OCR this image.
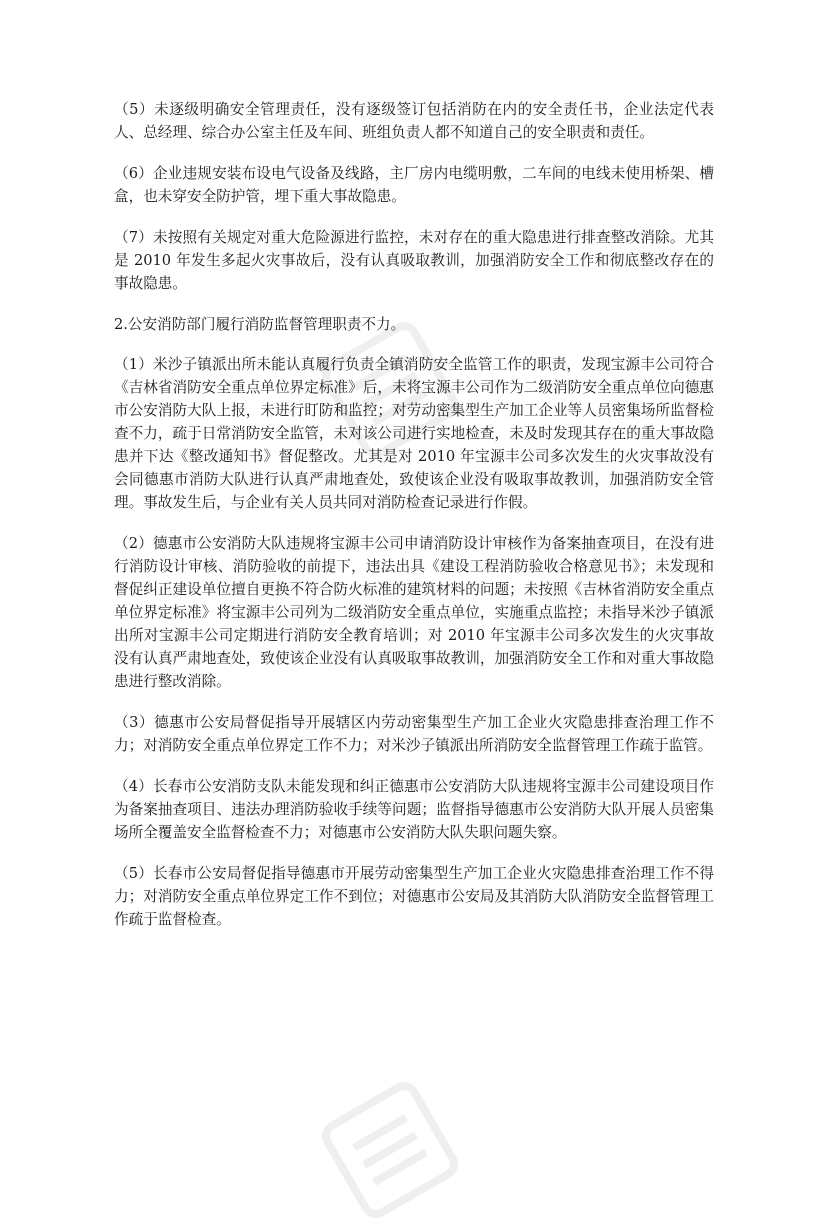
（5）未逐级明确安全管理责任，没有逐级签订包括消防在内的安全责任书，企业法定代表人、总经理、综合办公室主任及车间、班组负责人都不知道自己的安全职责和责任。

（6）企业违规安装布设电气设备及线路，主厂房内电缆明敷，二车间的电线未使用桥架、槽盒，也未穿安全防护管，埋下重大事故隐患。

（7）未按照有关规定对重大危险源进行监控，未对存在的重大隐患进行排查整改消除。尤其是 2010 年发生多起火灾事故后，没有认真吸取教训，加强消防安全工作和彻底整改存在的事故隐患。

2.公安消防部门履行消防监督管理职责不力。

（1）米沙子镇派出所未能认真履行负责全镇消防安全监管工作的职责，发现宝源丰公司符合《吉林省消防安全重点单位界定标准》后，未将宝源丰公司作为二级消防安全重点单位向德惠市公安消防大队上报，未进行盯防和监控；对劳动密集型生产加工企业等人员密集场所监督检查不力，疏于日常消防安全监管，未对该公司进行实地检查，未及时发现其存在的重大事故隐患并下达《整改通知书》督促整改。尤其是对 2010 年宝源丰公司多次发生的火灾事故没有会同德惠市消防大队进行认真严肃地查处，致使该企业没有吸取事故教训，加强消防安全管理。事故发生后，与企业有关人员共同对消防检查记录进行作假。

（2）德惠市公安消防大队违规将宝源丰公司申请消防设计审核作为备案抽查项目，在没有进行消防设计审核、消防验收的前提下，违法出具《建设工程消防验收合格意见书》；未发现和督促纠正建设单位擅自更换不符合防火标准的建筑材料的问题；未按照《吉林省消防安全重点单位界定标准》将宝源丰公司列为二级消防安全重点单位，实施重点监控；未指导米沙子镇派出所对宝源丰公司定期进行消防安全教育培训；对 2010 年宝源丰公司多次发生的火灾事故没有认真严肃地查处，致使该企业没有认真吸取事故教训，加强消防安全工作和对重大事故隐患进行整改消除。

（3）德惠市公安局督促指导开展辖区内劳动密集型生产加工企业火灾隐患排查治理工作不力；对消防安全重点单位界定工作不力；对米沙子镇派出所消防安全监督管理工作疏于监管。

（4）长春市公安消防支队未能发现和纠正德惠市公安消防大队违规将宝源丰公司建设项目作为备案抽查项目、违法办理消防验收手续等问题；监督指导德惠市公安消防大队开展人员密集场所全覆盖安全监督检查不力；对德惠市公安消防大队失职问题失察。

（5）长春市公安局督促指导德惠市开展劳动密集型生产加工企业火灾隐患排查治理工作不得力；对消防安全重点单位界定工作不到位；对德惠市公安局及其消防大队消防安全监督管理工作疏于监督检查。
